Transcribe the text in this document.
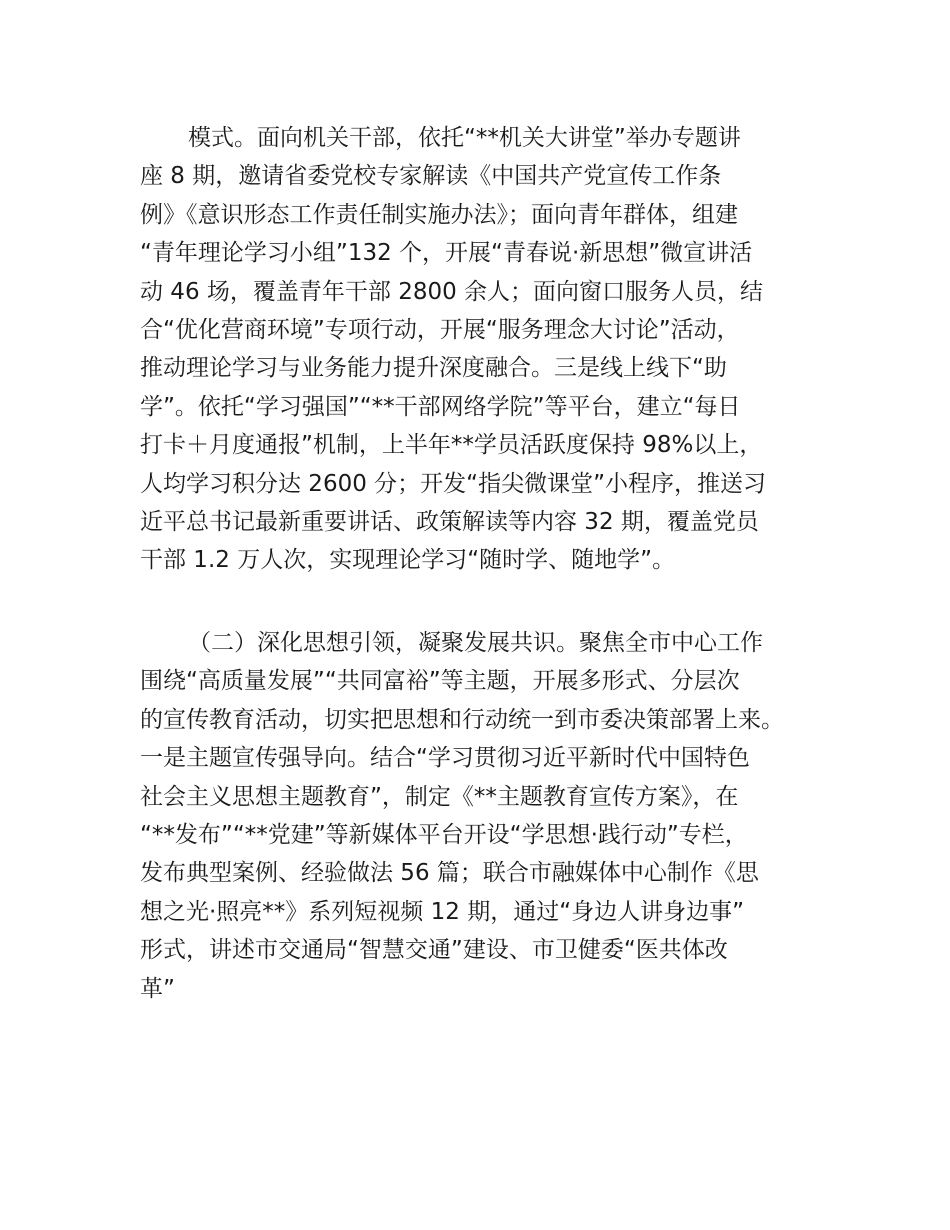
模式。面向机关干部，依托“**机关大讲堂”举办专题讲
座 8 期，邀请省委党校专家解读《中国共产党宣传工作条
例》《意识形态工作责任制实施办法》；面向青年群体，组建
“青年理论学习小组”132 个，开展“青春说·新思想”微宣讲活
动 46 场，覆盖青年干部 2800 余人；面向窗口服务人员，结
合“优化营商环境”专项行动，开展“服务理念大讨论”活动，
推动理论学习与业务能力提升深度融合。三是线上线下“助
学”。依托“学习强国”“**干部网络学院”等平台，建立“每日
打卡＋月度通报”机制，上半年**学员活跃度保持 98%以上，
人均学习积分达 2600 分；开发“指尖微课堂”小程序，推送习
近平总书记最新重要讲话、政策解读等内容 32 期，覆盖党员
干部 1.2 万人次，实现理论学习“随时学、随地学”。
（二）深化思想引领，凝聚发展共识。聚焦全市中心工作
围绕“高质量发展”“共同富裕”等主题，开展多形式、分层次
的宣传教育活动，切实把思想和行动统一到市委决策部署上来。
一是主题宣传强导向。结合“学习贯彻习近平新时代中国特色
社会主义思想主题教育”，制定《**主题教育宣传方案》，在
“**发布”“**党建”等新媒体平台开设“学思想·践行动”专栏，
发布典型案例、经验做法 56 篇；联合市融媒体中心制作《思
想之光·照亮**》系列短视频 12 期，通过“身边人讲身边事”
形式，讲述市交通局“智慧交通”建设、市卫健委“医共体改
革”
